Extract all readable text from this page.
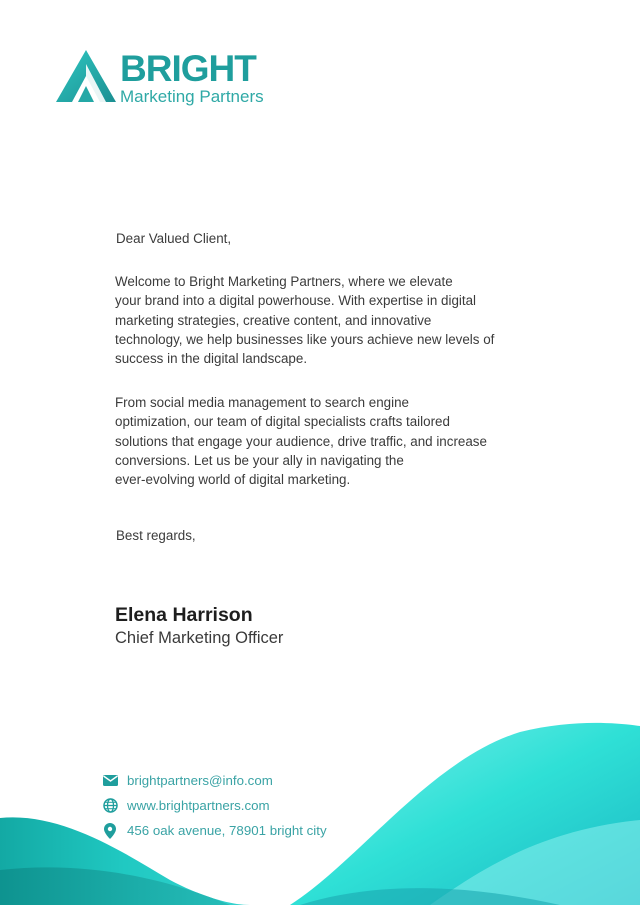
BRIGHT
Marketing Partners

Dear Valued Client,

Welcome to Bright Marketing Partners, where we elevate
your brand into a digital powerhouse. With expertise in digital
marketing strategies, creative content, and innovative
technology, we help businesses like yours achieve new levels of
success in the digital landscape.

From social media management to search engine
optimization, our team of digital specialists crafts tailored
solutions that engage your audience, drive traffic, and increase
conversions. Let us be your ally in navigating the
ever-evolving world of digital marketing.

Best regards,
Elena Harrison
Chief Marketing Officer
brightpartners@info.com
www.brightpartners.com
456 oak avenue, 78901 bright city
